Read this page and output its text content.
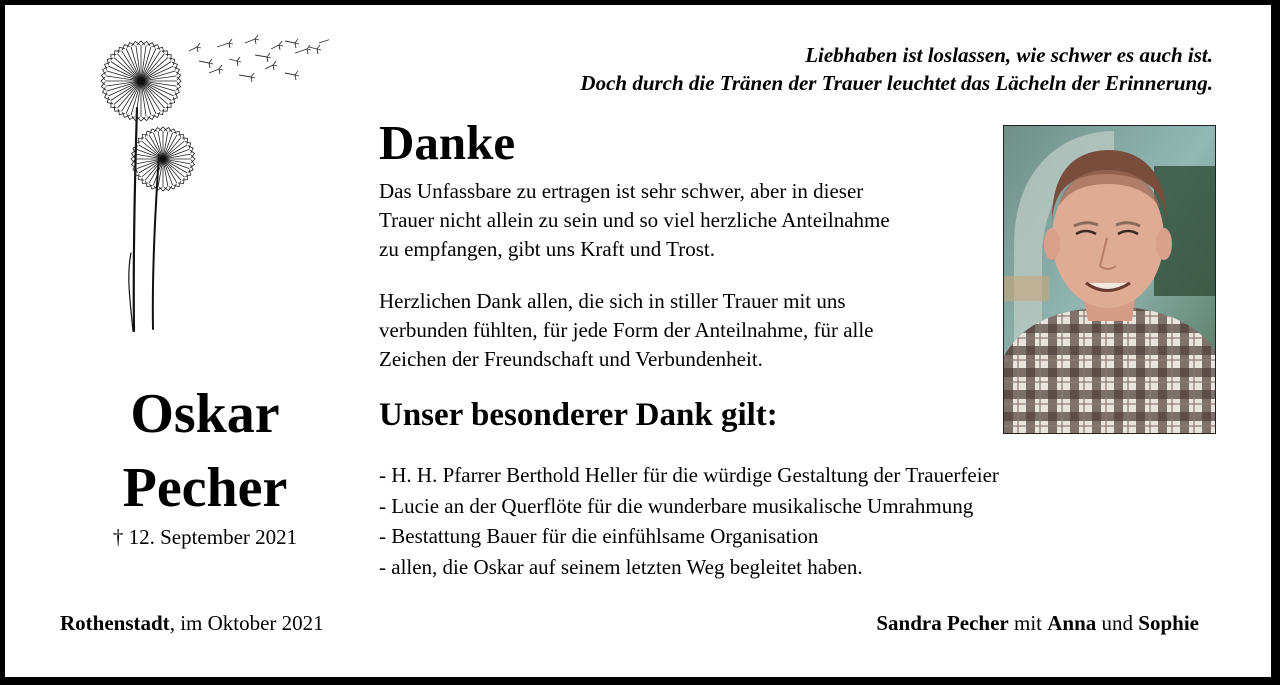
Liebhaben ist loslassen, wie schwer es auch ist.
Doch durch die Tränen der Trauer leuchtet das Lächeln der Erinnerung.
Danke
Das Unfassbare zu ertragen ist sehr schwer, aber in dieser
Trauer nicht allein zu sein und so viel herzliche Anteilnahme
zu empfangen, gibt uns Kraft und Trost.
Herzlichen Dank allen, die sich in stiller Trauer mit uns
verbunden fühlten, für jede Form der Anteilnahme, für alle
Zeichen der Freundschaft und Verbundenheit.
Unser besonderer Dank gilt:
- H. H. Pfarrer Berthold Heller für die würdige Gestaltung der Trauerfeier
- Lucie an der Querflöte für die wunderbare musikalische Umrahmung
- Bestattung Bauer für die einfühlsame Organisation
- allen, die Oskar auf seinem letzten Weg begleitet haben.
Oskar
Pecher
† 12. September 2021
Rothenstadt, im Oktober 2021	Sandra Pecher mit Anna und Sophie
